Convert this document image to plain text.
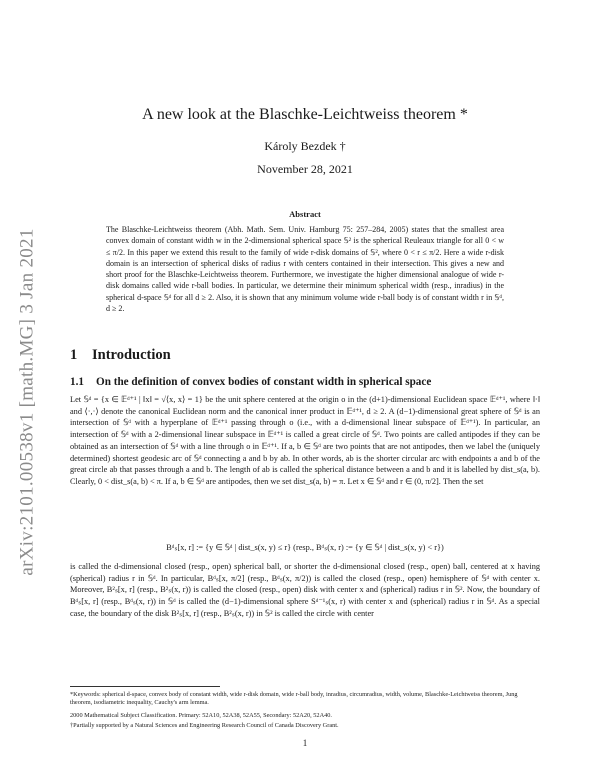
arXiv:2101.00538v1 [math.MG] 3 Jan 2021
A new look at the Blaschke-Leichtweiss theorem *
Károly Bezdek †
November 28, 2021
Abstract
The Blaschke-Leichtweiss theorem (Abh. Math. Sem. Univ. Hamburg 75: 257–284, 2005) states that the smallest area convex domain of constant width w in the 2-dimensional spherical space 𝕊² is the spherical Reuleaux triangle for all 0 < w ≤ π/2. In this paper we extend this result to the family of wide r-disk domains of 𝕊², where 0 < r ≤ π/2. Here a wide r-disk domain is an intersection of spherical disks of radius r with centers contained in their intersection. This gives a new and short proof for the Blaschke-Leichtweiss theorem. Furthermore, we investigate the higher dimensional analogue of wide r-disk domains called wide r-ball bodies. In particular, we determine their minimum spherical width (resp., inradius) in the spherical d-space 𝕊ᵈ for all d ≥ 2. Also, it is shown that any minimum volume wide r-ball body is of constant width r in 𝕊ᵈ, d ≥ 2.
1 Introduction
1.1 On the definition of convex bodies of constant width in spherical space
Let 𝕊ᵈ = {x ∈ 𝔼ᵈ⁺¹ | ‖x‖ = √⟨x, x⟩ = 1} be the unit sphere centered at the origin o in the (d+1)-dimensional Euclidean space 𝔼ᵈ⁺¹, where ‖·‖ and ⟨·,·⟩ denote the canonical Euclidean norm and the canonical inner product in 𝔼ᵈ⁺¹, d ≥ 2. A (d−1)-dimensional great sphere of 𝕊ᵈ is an intersection of 𝕊ᵈ with a hyperplane of 𝔼ᵈ⁺¹ passing through o (i.e., with a d-dimensional linear subspace of 𝔼ᵈ⁺¹). In particular, an intersection of 𝕊ᵈ with a 2-dimensional linear subspace in 𝔼ᵈ⁺¹ is called a great circle of 𝕊ᵈ. Two points are called antipodes if they can be obtained as an intersection of 𝕊ᵈ with a line through o in 𝔼ᵈ⁺¹. If a, b ∈ 𝕊ᵈ are two points that are not antipodes, then we label the (uniquely determined) shortest geodesic arc of 𝕊ᵈ connecting a and b by ab. In other words, ab is the shorter circular arc with endpoints a and b of the great circle ab that passes through a and b. The length of ab is called the spherical distance between a and b and it is labelled by dist_s(a, b). Clearly, 0 < dist_s(a, b) < π. If a, b ∈ 𝕊ᵈ are antipodes, then we set dist_s(a, b) = π. Let x ∈ 𝕊ᵈ and r ∈ (0, π/2]. Then the set
Bᵈₛ[x, r] := {y ∈ 𝕊ᵈ | dist_s(x, y) ≤ r} (resp., Bᵈₛ(x, r) := {y ∈ 𝕊ᵈ | dist_s(x, y) < r})
is called the d-dimensional closed (resp., open) spherical ball, or shorter the d-dimensional closed (resp., open) ball, centered at x having (spherical) radius r in 𝕊ᵈ. In particular, Bᵈₛ[x, π/2] (resp., Bᵈₛ(x, π/2)) is called the closed (resp., open) hemisphere of 𝕊ᵈ with center x. Moreover, B²ₛ[x, r] (resp., B²ₛ(x, r)) is called the closed (resp., open) disk with center x and (spherical) radius r in 𝕊². Now, the boundary of Bᵈₛ[x, r] (resp., Bᵈₛ(x, r)) in 𝕊ᵈ is called the (d−1)-dimensional sphere Sᵈ⁻¹ₛ(x, r) with center x and (spherical) radius r in 𝕊ᵈ. As a special case, the boundary of the disk B²ₛ[x, r] (resp., B²ₛ(x, r)) in 𝕊² is called the circle with center
*Keywords: spherical d-space, convex body of constant width, wide r-disk domain, wide r-ball body, inradius, circumradius, width, volume, Blaschke-Leichtweiss theorem, Jung theorem, isodiametric inequality, Cauchy's arm lemma.
2000 Mathematical Subject Classification. Primary: 52A10, 52A38, 52A55, Secondary: 52A20, 52A40.
†Partially supported by a Natural Sciences and Engineering Research Council of Canada Discovery Grant.
1
